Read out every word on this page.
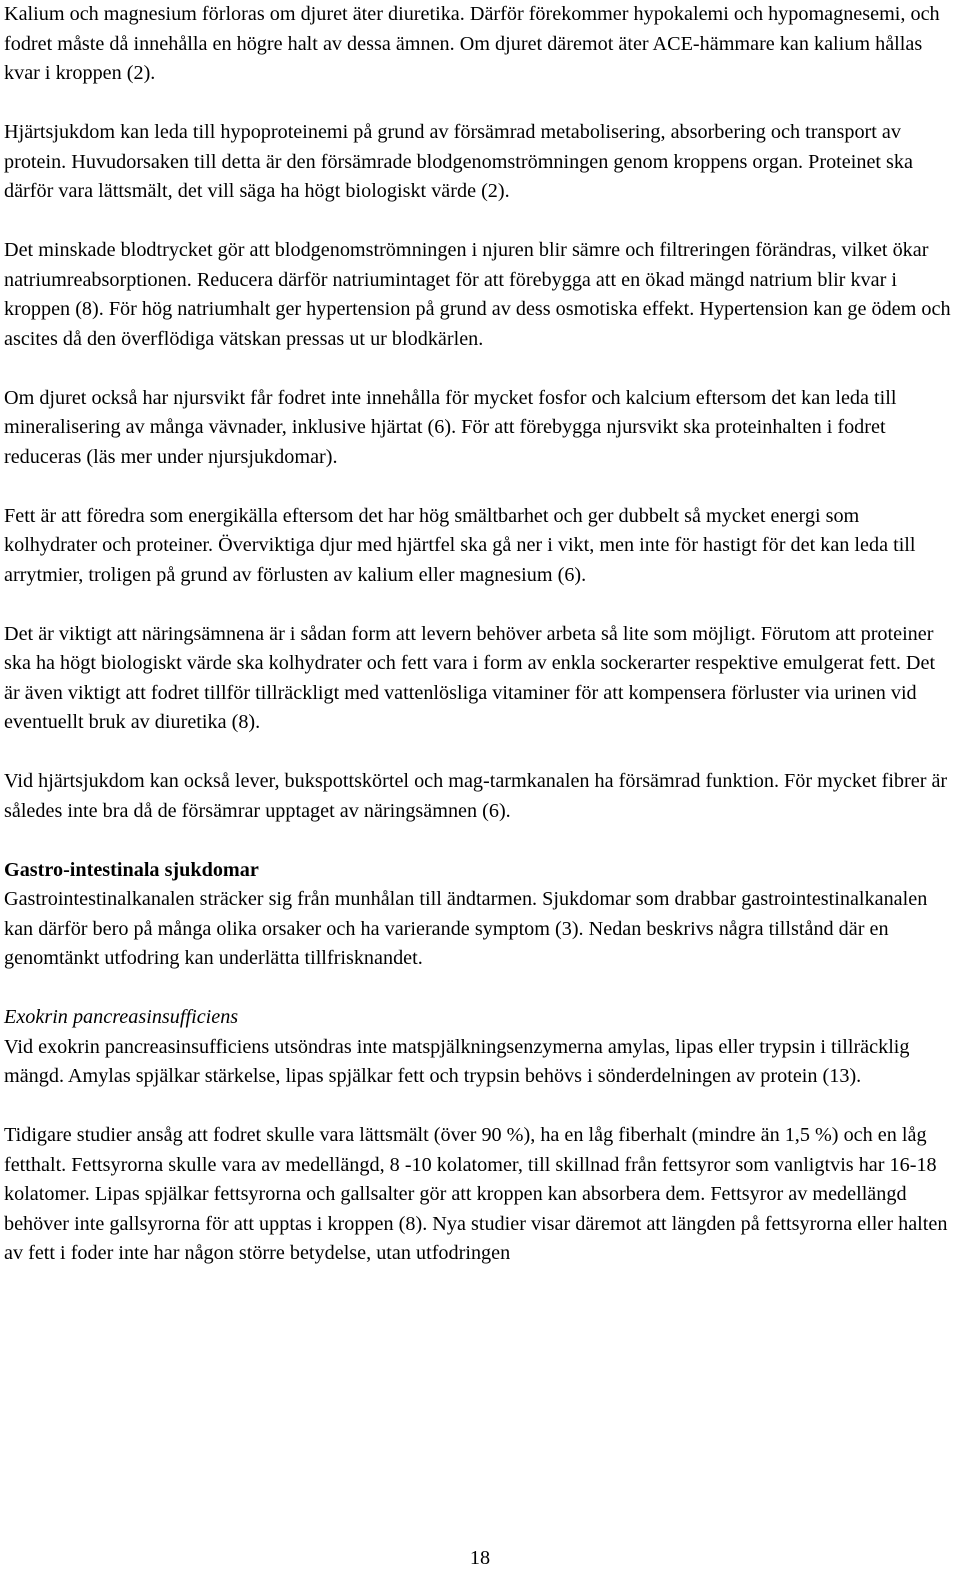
Kalium och magnesium förloras om djuret äter diuretika. Därför förekommer hypokalemi och hypomagnesemi, och fodret måste då innehålla en högre halt av dessa ämnen. Om djuret däremot äter ACE-hämmare kan kalium hållas kvar i kroppen (2).

Hjärtsjukdom kan leda till hypoproteinemi på grund av försämrad metabolisering, absorbering och transport av protein. Huvudorsaken till detta är den försämrade blodgenomströmningen genom kroppens organ. Proteinet ska därför vara lättsmält, det vill säga ha högt biologiskt värde (2).

Det minskade blodtrycket gör att blodgenomströmningen i njuren blir sämre och filtreringen förändras, vilket ökar natriumreabsorptionen. Reducera därför natriumintaget för att förebygga att en ökad mängd natrium blir kvar i kroppen (8). För hög natriumhalt ger hypertension på grund av dess osmotiska effekt. Hypertension kan ge ödem och ascites då den överflödiga vätskan pressas ut ur blodkärlen.

Om djuret också har njursvikt får fodret inte innehålla för mycket fosfor och kalcium eftersom det kan leda till mineralisering av många vävnader, inklusive hjärtat (6). För att förebygga njursvikt ska proteinhalten i fodret reduceras (läs mer under njursjukdomar).

Fett är att föredra som energikälla eftersom det har hög smältbarhet och ger dubbelt så mycket energi som kolhydrater och proteiner. Överviktiga djur med hjärtfel ska gå ner i vikt, men inte för hastigt för det kan leda till arrytmier, troligen på grund av förlusten av kalium eller magnesium (6).

Det är viktigt att näringsämnena är i sådan form att levern behöver arbeta så lite som möjligt. Förutom att proteiner ska ha högt biologiskt värde ska kolhydrater och fett vara i form av enkla sockerarter respektive emulgerat fett. Det är även viktigt att fodret tillför tillräckligt med vattenlösliga vitaminer för att kompensera förluster via urinen vid eventuellt bruk av diuretika (8).

Vid hjärtsjukdom kan också lever, bukspottskörtel och mag-tarmkanalen ha försämrad funktion. För mycket fibrer är således inte bra då de försämrar upptaget av näringsämnen (6).

Gastro-intestinala sjukdomar

Gastrointestinalkanalen sträcker sig från munhålan till ändtarmen. Sjukdomar som drabbar gastrointestinalkanalen kan därför bero på många olika orsaker och ha varierande symptom (3). Nedan beskrivs några tillstånd där en genomtänkt utfodring kan underlätta tillfrisknandet.

Exokrin pancreasinsufficiens

Vid exokrin pancreasinsufficiens utsöndras inte matspjälkningsenzymerna amylas, lipas eller trypsin i tillräcklig mängd. Amylas spjälkar stärkelse, lipas spjälkar fett och trypsin behövs i sönderdelningen av protein (13).

Tidigare studier ansåg att fodret skulle vara lättsmält (över 90 %), ha en låg fiberhalt (mindre än 1,5 %) och en låg fetthalt. Fettsyrorna skulle vara av medellängd, 8 -10 kolatomer, till skillnad från fettsyror som vanligtvis har 16-18 kolatomer. Lipas spjälkar fettsyrorna och gallsalter gör att kroppen kan absorbera dem. Fettsyror av medellängd behöver inte gallsyrorna för att upptas i kroppen (8). Nya studier visar däremot att längden på fettsyrorna eller halten av fett i foder inte har någon större betydelse, utan utfodringen

18
